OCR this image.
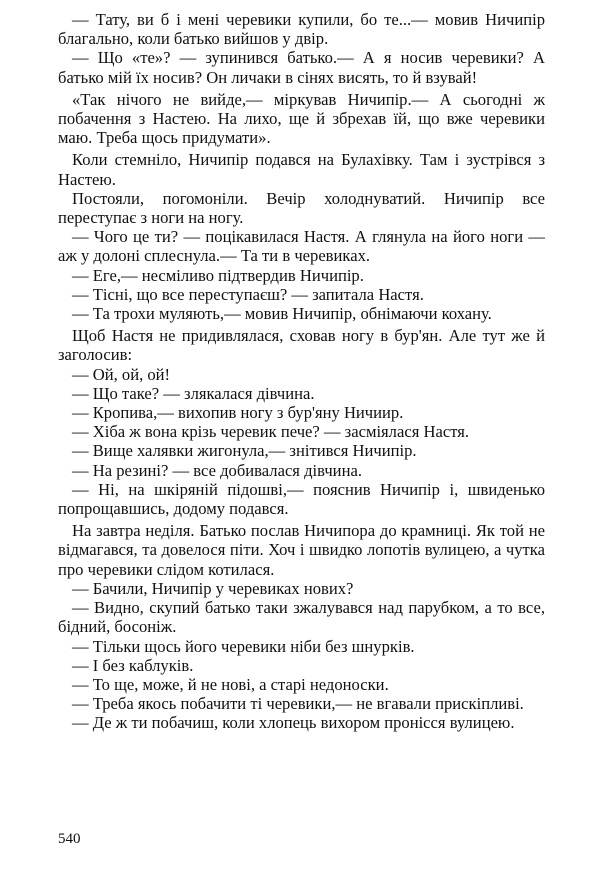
— Тату, ви б і мені черевики купили, бо те...— мовив Ничипір благально, коли батько вийшов у двір.

— Що «те»? — зупинився батько.— А я носив черевики? А батько мій їх носив? Он личаки в сінях висять, то й взувай!

«Так нічого не вийде,— міркував Ничипір.— А сьогодні ж побачення з Настею. На лихо, ще й збрехав їй, що вже черевики маю. Треба щось придумати».

Коли стемніло, Ничипір подався на Булахівку. Там і зустрівся з Настею.

Постояли, погомоніли. Вечір холоднуватий. Ничипір все переступає з ноги на ногу.

— Чого це ти? — поцікавилася Настя. А глянула на його ноги — аж у долоні сплеснула.— Та ти в черевиках.

— Еге,— несміливо підтвердив Ничипір.

— Тісні, що все переступаєш? — запитала Настя.

— Та трохи муляють,— мовив Ничипір, обнімаючи кохану.

Щоб Настя не придивлялася, сховав ногу в бур'ян. Але тут же й заголосив:

— Ой, ой, ой!

— Що таке? — злякалася дівчина.

— Кропива,— вихопив ногу з бур'яну Ничиир.

— Хіба ж вона крізь черевик пече? — засміялася Настя.

— Вище халявки жигонула,— знітився Ничипір.

— На резині? — все добивалася дівчина.

— Ні, на шкіряній підошві,— пояснив Ничипір і, швиденько попрощавшись, додому подався.

На завтра неділя. Батько послав Ничипора до крамниці. Як той не відмагався, та довелося піти. Хоч і швидко лопотів вулицею, а чутка про черевики слідом котилася.

— Бачили, Ничипір у черевиках нових?

— Видно, скупий батько таки зжалувався над парубком, а то все, бідний, босоніж.

— Тільки щось його черевики ніби без шнурків.

— І без каблуків.

— То ще, може, й не нові, а старі недоноски.

— Треба якось побачити ті черевики,— не вгавали прискіпливі.

— Де ж ти побачиш, коли хлопець вихором пронісся вулицею.

540
